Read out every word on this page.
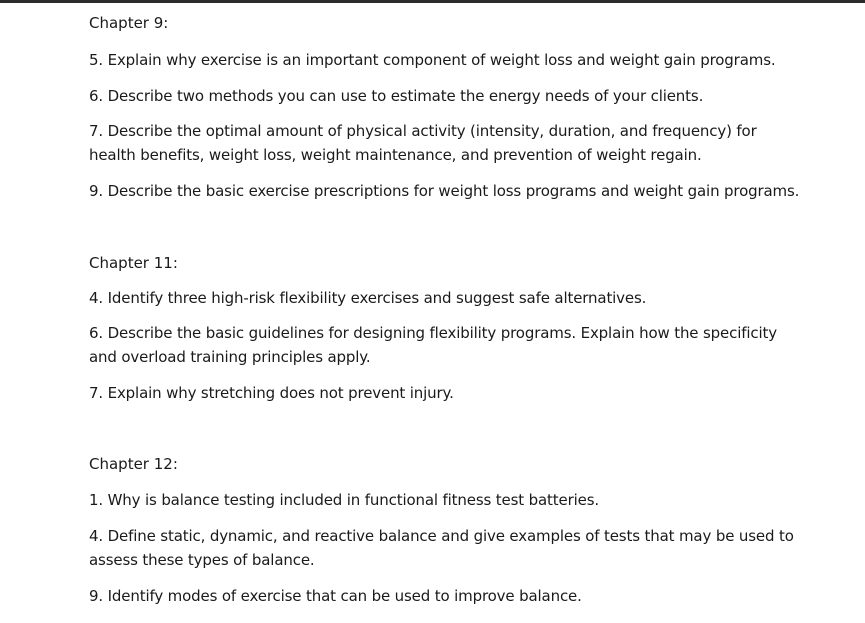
Chapter 9:
5. Explain why exercise is an important component of weight loss and weight gain programs.
6. Describe two methods you can use to estimate the energy needs of your clients.
7. Describe the optimal amount of physical activity (intensity, duration, and frequency) for
health benefits, weight loss, weight maintenance, and prevention of weight regain.
9. Describe the basic exercise prescriptions for weight loss programs and weight gain programs.
Chapter 11:
4. Identify three high-risk flexibility exercises and suggest safe alternatives.
6. Describe the basic guidelines for designing flexibility programs. Explain how the specificity
and overload training principles apply.
7. Explain why stretching does not prevent injury.
Chapter 12:
1. Why is balance testing included in functional fitness test batteries.
4. Define static, dynamic, and reactive balance and give examples of tests that may be used to
assess these types of balance.
9. Identify modes of exercise that can be used to improve balance.
